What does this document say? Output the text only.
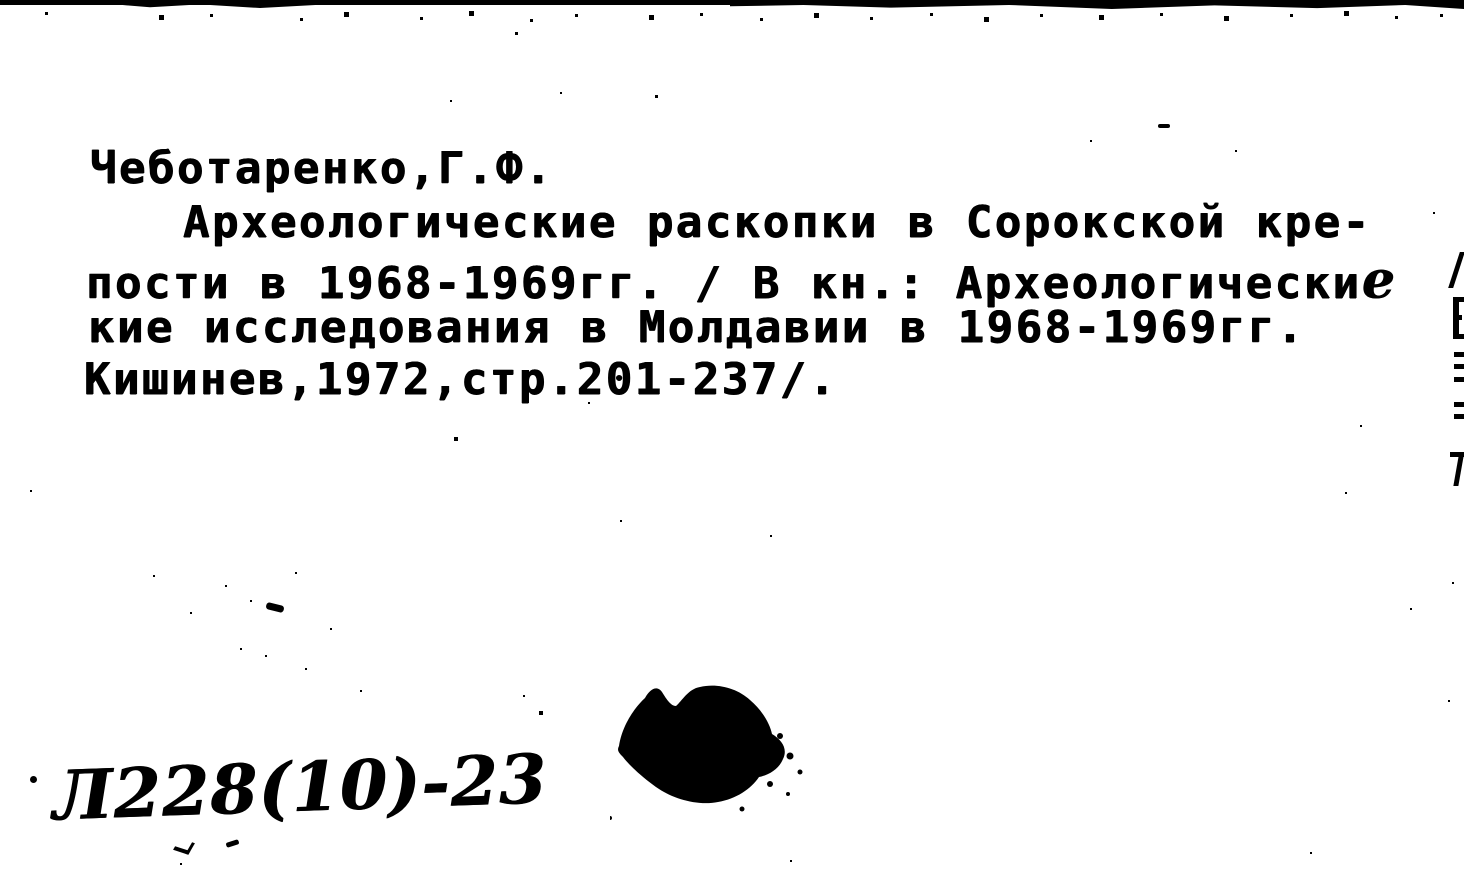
Чеботаренко,Г.Ф.
Археологические раскопки в Сорокской кре-
пости в 1968-1969гг. / В кн.: Археологические
кие исследования в Молдавии в 1968-1969гг.
Кишинев,1972,стр.201-237/.
Л228(10)-23
